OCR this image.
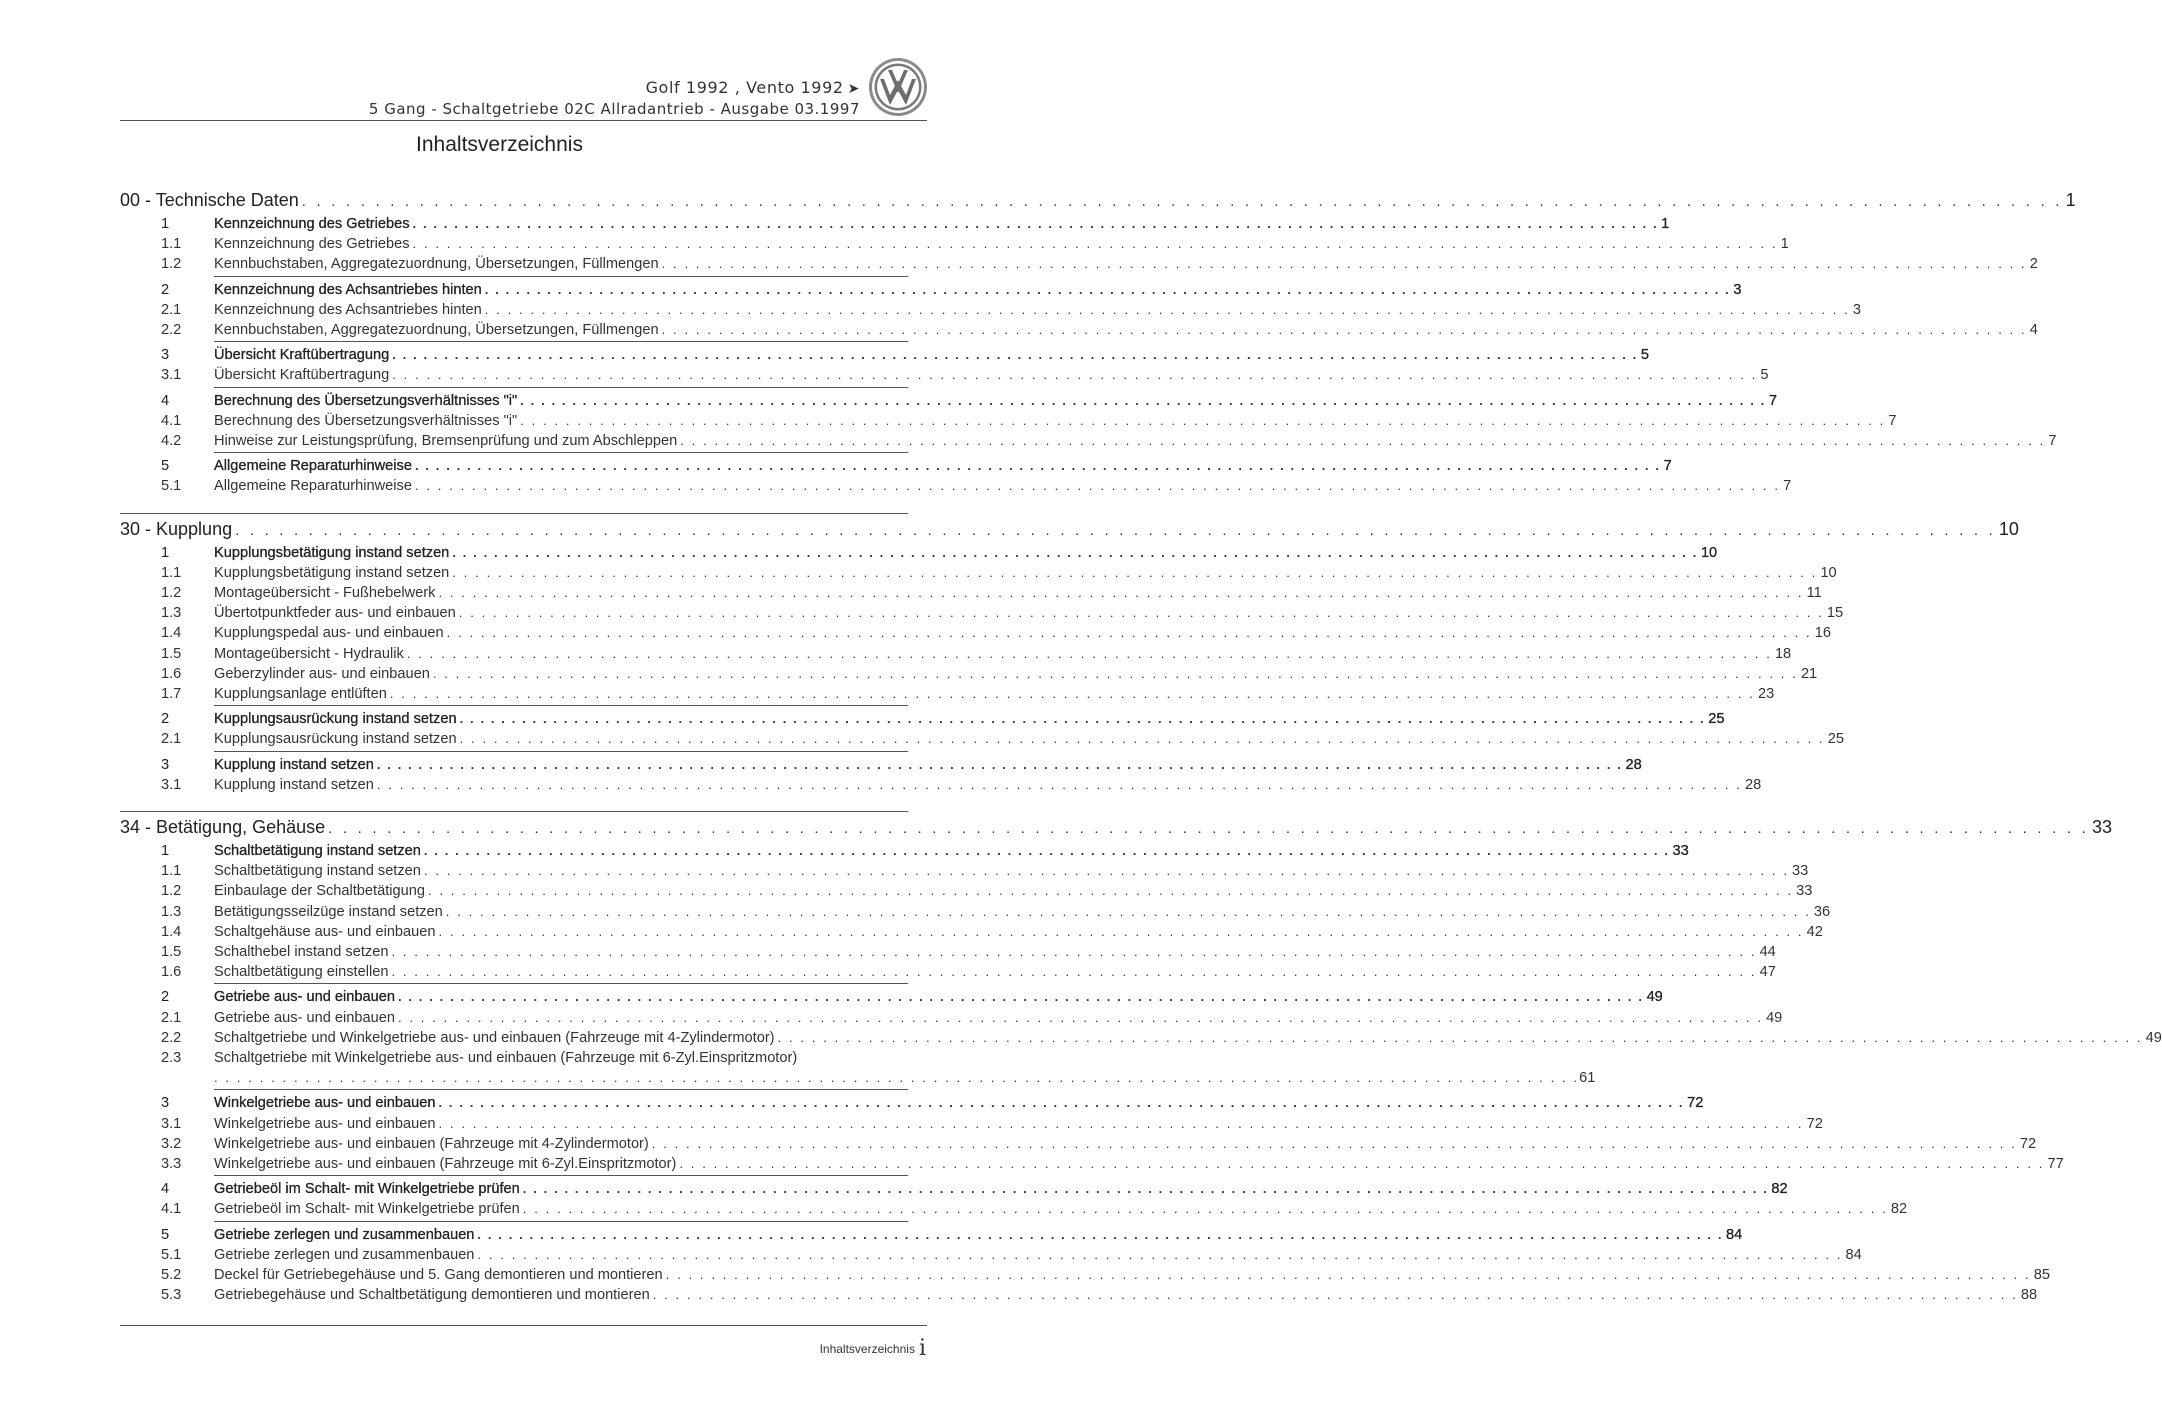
Golf 1992 , Vento 1992 ➤
5 Gang - Schaltgetriebe 02C Allradantrieb - Ausgabe 03.1997
Inhaltsverzeichnis
00 - Technische Daten . . . . . . . . . . . . . . . . . . . . . . . . . . . . . . . . . . . . . . . . . . . . . . . . . . . . . . . . . . . . . . . . . . . . . . . . . . . . . . . . . . . . . . . . . . . . . . . . . . . . . . . . . . . . . . . . . . . . . . . . 1
1	Kennzeichnung des Getriebes . . . . . . . . . . . . . . . . . . . . . . . . . . . . . . . . . . . . . . . . . . . . . . . . . . . . . . . . . . . . . . . . . . . . . . . . . . . . . . . . . . . . . . . . . . . . . . . . . . . . . . . . . . . . . . . . . . . . . . . . 1
1.1 Kennzeichnung des Getriebes . . . . . . . . . . . . . . . . . . . . . . . . . . . . . . . . . . . . . . . . . . . . . . . . . . . . . . . . . . . . . . . . . . . . . . . . . . . . . . . . . . . . . . . . . . . . . . . . . . . . . . . . . . . . . . . . . . . . . . . . 1
1.2 Kennbuchstaben, Aggregatezuordnung, Übersetzungen, Füllmengen . . . . . . . . . . . . . . . . . . . . . . . . . . . . . . . . . . . . . . . . . . . . . . . . . . . . . . . . . . . . . . . . . . . . . . . . . . . . . . . . . . . . . . . . . . . . . . . . . . . . . . . . . . . . . . . . . . . . . . . . 2
2	Kennzeichnung des Achsantriebes hinten . . . . . . . . . . . . . . . . . . . . . . . . . . . . . . . . . . . . . . . . . . . . . . . . . . . . . . . . . . . . . . . . . . . . . . . . . . . . . . . . . . . . . . . . . . . . . . . . . . . . . . . . . . . . . . . . . . . . . . . . 3
2.1 Kennzeichnung des Achsantriebes hinten . . . . . . . . . . . . . . . . . . . . . . . . . . . . . . . . . . . . . . . . . . . . . . . . . . . . . . . . . . . . . . . . . . . . . . . . . . . . . . . . . . . . . . . . . . . . . . . . . . . . . . . . . . . . . . . . . . . . . . . . 3
2.2 Kennbuchstaben, Aggregatezuordnung, Übersetzungen, Füllmengen . . . . . . . . . . . . . . . . . . . . . . . . . . . . . . . . . . . . . . . . . . . . . . . . . . . . . . . . . . . . . . . . . . . . . . . . . . . . . . . . . . . . . . . . . . . . . . . . . . . . . . . . . . . . . . . . . . . . . . . . 4
3	Übersicht Kraftübertragung . . . . . . . . . . . . . . . . . . . . . . . . . . . . . . . . . . . . . . . . . . . . . . . . . . . . . . . . . . . . . . . . . . . . . . . . . . . . . . . . . . . . . . . . . . . . . . . . . . . . . . . . . . . . . . . . . . . . . . . . 5
3.1 Übersicht Kraftübertragung . . . . . . . . . . . . . . . . . . . . . . . . . . . . . . . . . . . . . . . . . . . . . . . . . . . . . . . . . . . . . . . . . . . . . . . . . . . . . . . . . . . . . . . . . . . . . . . . . . . . . . . . . . . . . . . . . . . . . . . . 5
4	Berechnung des Übersetzungsverhältnisses "i" . . . . . . . . . . . . . . . . . . . . . . . . . . . . . . . . . . . . . . . . . . . . . . . . . . . . . . . . . . . . . . . . . . . . . . . . . . . . . . . . . . . . . . . . . . . . . . . . . . . . . . . . . . . . . . . . . . . . . . . . 7
4.1 Berechnung des Übersetzungsverhältnisses "i" . . . . . . . . . . . . . . . . . . . . . . . . . . . . . . . . . . . . . . . . . . . . . . . . . . . . . . . . . . . . . . . . . . . . . . . . . . . . . . . . . . . . . . . . . . . . . . . . . . . . . . . . . . . . . . . . . . . . . . . . 7
4.2 Hinweise zur Leistungsprüfung, Bremsenprüfung und zum Abschleppen . . . . . . . . . . . . . . . . . . . . . . . . . . . . . . . . . . . . . . . . . . . . . . . . . . . . . . . . . . . . . . . . . . . . . . . . . . . . . . . . . . . . . . . . . . . . . . . . . . . . . . . . . . . . . . . . . . . . . . . . 7
5	Allgemeine Reparaturhinweise . . . . . . . . . . . . . . . . . . . . . . . . . . . . . . . . . . . . . . . . . . . . . . . . . . . . . . . . . . . . . . . . . . . . . . . . . . . . . . . . . . . . . . . . . . . . . . . . . . . . . . . . . . . . . . . . . . . . . . . . 7
5.1 Allgemeine Reparaturhinweise . . . . . . . . . . . . . . . . . . . . . . . . . . . . . . . . . . . . . . . . . . . . . . . . . . . . . . . . . . . . . . . . . . . . . . . . . . . . . . . . . . . . . . . . . . . . . . . . . . . . . . . . . . . . . . . . . . . . . . . . 7
30 - Kupplung . . . . . . . . . . . . . . . . . . . . . . . . . . . . . . . . . . . . . . . . . . . . . . . . . . . . . . . . . . . . . . . . . . . . . . . . . . . . . . . . . . . . . . . . . . . . . . . . . . . . . . . . . . . . . . . . . . . . . . . . 10
1	Kupplungsbetätigung instand setzen . . . . . . . . . . . . . . . . . . . . . . . . . . . . . . . . . . . . . . . . . . . . . . . . . . . . . . . . . . . . . . . . . . . . . . . . . . . . . . . . . . . . . . . . . . . . . . . . . . . . . . . . . . . . . . . . . . . . . . . . 10
1.1 Kupplungsbetätigung instand setzen . . . . . . . . . . . . . . . . . . . . . . . . . . . . . . . . . . . . . . . . . . . . . . . . . . . . . . . . . . . . . . . . . . . . . . . . . . . . . . . . . . . . . . . . . . . . . . . . . . . . . . . . . . . . . . . . . . . . . . . . 10
1.2 Montageübersicht - Fußhebelwerk . . . . . . . . . . . . . . . . . . . . . . . . . . . . . . . . . . . . . . . . . . . . . . . . . . . . . . . . . . . . . . . . . . . . . . . . . . . . . . . . . . . . . . . . . . . . . . . . . . . . . . . . . . . . . . . . . . . . . . . . 11
1.3 Übertotpunktfeder aus- und einbauen . . . . . . . . . . . . . . . . . . . . . . . . . . . . . . . . . . . . . . . . . . . . . . . . . . . . . . . . . . . . . . . . . . . . . . . . . . . . . . . . . . . . . . . . . . . . . . . . . . . . . . . . . . . . . . . . . . . . . . . . 15
1.4 Kupplungspedal aus- und einbauen . . . . . . . . . . . . . . . . . . . . . . . . . . . . . . . . . . . . . . . . . . . . . . . . . . . . . . . . . . . . . . . . . . . . . . . . . . . . . . . . . . . . . . . . . . . . . . . . . . . . . . . . . . . . . . . . . . . . . . . . 16
1.5 Montageübersicht - Hydraulik . . . . . . . . . . . . . . . . . . . . . . . . . . . . . . . . . . . . . . . . . . . . . . . . . . . . . . . . . . . . . . . . . . . . . . . . . . . . . . . . . . . . . . . . . . . . . . . . . . . . . . . . . . . . . . . . . . . . . . . . 18
1.6 Geberzylinder aus- und einbauen . . . . . . . . . . . . . . . . . . . . . . . . . . . . . . . . . . . . . . . . . . . . . . . . . . . . . . . . . . . . . . . . . . . . . . . . . . . . . . . . . . . . . . . . . . . . . . . . . . . . . . . . . . . . . . . . . . . . . . . . 21
1.7 Kupplungsanlage entlüften . . . . . . . . . . . . . . . . . . . . . . . . . . . . . . . . . . . . . . . . . . . . . . . . . . . . . . . . . . . . . . . . . . . . . . . . . . . . . . . . . . . . . . . . . . . . . . . . . . . . . . . . . . . . . . . . . . . . . . . . 23
2	Kupplungsausrückung instand setzen . . . . . . . . . . . . . . . . . . . . . . . . . . . . . . . . . . . . . . . . . . . . . . . . . . . . . . . . . . . . . . . . . . . . . . . . . . . . . . . . . . . . . . . . . . . . . . . . . . . . . . . . . . . . . . . . . . . . . . . . 25
2.1 Kupplungsausrückung instand setzen . . . . . . . . . . . . . . . . . . . . . . . . . . . . . . . . . . . . . . . . . . . . . . . . . . . . . . . . . . . . . . . . . . . . . . . . . . . . . . . . . . . . . . . . . . . . . . . . . . . . . . . . . . . . . . . . . . . . . . . . 25
3	Kupplung instand setzen . . . . . . . . . . . . . . . . . . . . . . . . . . . . . . . . . . . . . . . . . . . . . . . . . . . . . . . . . . . . . . . . . . . . . . . . . . . . . . . . . . . . . . . . . . . . . . . . . . . . . . . . . . . . . . . . . . . . . . . . 28
3.1 Kupplung instand setzen . . . . . . . . . . . . . . . . . . . . . . . . . . . . . . . . . . . . . . . . . . . . . . . . . . . . . . . . . . . . . . . . . . . . . . . . . . . . . . . . . . . . . . . . . . . . . . . . . . . . . . . . . . . . . . . . . . . . . . . . 28
34 - Betätigung, Gehäuse . . . . . . . . . . . . . . . . . . . . . . . . . . . . . . . . . . . . . . . . . . . . . . . . . . . . . . . . . . . . . . . . . . . . . . . . . . . . . . . . . . . . . . . . . . . . . . . . . . . . . . . . . . . . . . . . . . . . . . . . 33
1	Schaltbetätigung instand setzen . . . . . . . . . . . . . . . . . . . . . . . . . . . . . . . . . . . . . . . . . . . . . . . . . . . . . . . . . . . . . . . . . . . . . . . . . . . . . . . . . . . . . . . . . . . . . . . . . . . . . . . . . . . . . . . . . . . . . . . . 33
1.1 Schaltbetätigung instand setzen . . . . . . . . . . . . . . . . . . . . . . . . . . . . . . . . . . . . . . . . . . . . . . . . . . . . . . . . . . . . . . . . . . . . . . . . . . . . . . . . . . . . . . . . . . . . . . . . . . . . . . . . . . . . . . . . . . . . . . . . 33
1.2 Einbaulage der Schaltbetätigung . . . . . . . . . . . . . . . . . . . . . . . . . . . . . . . . . . . . . . . . . . . . . . . . . . . . . . . . . . . . . . . . . . . . . . . . . . . . . . . . . . . . . . . . . . . . . . . . . . . . . . . . . . . . . . . . . . . . . . . . 33
1.3 Betätigungsseilzüge instand setzen . . . . . . . . . . . . . . . . . . . . . . . . . . . . . . . . . . . . . . . . . . . . . . . . . . . . . . . . . . . . . . . . . . . . . . . . . . . . . . . . . . . . . . . . . . . . . . . . . . . . . . . . . . . . . . . . . . . . . . . . 36
1.4 Schaltgehäuse aus- und einbauen . . . . . . . . . . . . . . . . . . . . . . . . . . . . . . . . . . . . . . . . . . . . . . . . . . . . . . . . . . . . . . . . . . . . . . . . . . . . . . . . . . . . . . . . . . . . . . . . . . . . . . . . . . . . . . . . . . . . . . . . 42
1.5 Schalthebel instand setzen . . . . . . . . . . . . . . . . . . . . . . . . . . . . . . . . . . . . . . . . . . . . . . . . . . . . . . . . . . . . . . . . . . . . . . . . . . . . . . . . . . . . . . . . . . . . . . . . . . . . . . . . . . . . . . . . . . . . . . . . 44
1.6 Schaltbetätigung einstellen . . . . . . . . . . . . . . . . . . . . . . . . . . . . . . . . . . . . . . . . . . . . . . . . . . . . . . . . . . . . . . . . . . . . . . . . . . . . . . . . . . . . . . . . . . . . . . . . . . . . . . . . . . . . . . . . . . . . . . . . 47
2	Getriebe aus- und einbauen . . . . . . . . . . . . . . . . . . . . . . . . . . . . . . . . . . . . . . . . . . . . . . . . . . . . . . . . . . . . . . . . . . . . . . . . . . . . . . . . . . . . . . . . . . . . . . . . . . . . . . . . . . . . . . . . . . . . . . . . 49
2.1 Getriebe aus- und einbauen . . . . . . . . . . . . . . . . . . . . . . . . . . . . . . . . . . . . . . . . . . . . . . . . . . . . . . . . . . . . . . . . . . . . . . . . . . . . . . . . . . . . . . . . . . . . . . . . . . . . . . . . . . . . . . . . . . . . . . . . 49
2.2 Schaltgetriebe und Winkelgetriebe aus- und einbauen (Fahrzeuge mit 4-Zylindermotor) . . . . . . . . . . . . . . . . . . . . . . . . . . . . . . . . . . . . . . . . . . . . . . . . . . . . . . . . . . . . . . . . . . . . . . . . . . . . . . . . . . . . . . . . . . . . . . . . . . . . . . . . . . . . . . . . . . . . . . . . 49
2.3 Schaltgetriebe mit Winkelgetriebe aus- und einbauen (Fahrzeuge mit 6-Zyl.Einspritzmotor)
. . . . . . . . . . . . . . . . . . . . . . . . . . . . . . . . . . . . . . . . . . . . . . . . . . . . . . . . . . . . . . . . . . . . . . . . . . . . . . . . . . . . . . . . . . . . . . . . . . . . . . . . . . . . . . . . . . . . . . . . 61
3	Winkelgetriebe aus- und einbauen . . . . . . . . . . . . . . . . . . . . . . . . . . . . . . . . . . . . . . . . . . . . . . . . . . . . . . . . . . . . . . . . . . . . . . . . . . . . . . . . . . . . . . . . . . . . . . . . . . . . . . . . . . . . . . . . . . . . . . . . 72
3.1 Winkelgetriebe aus- und einbauen . . . . . . . . . . . . . . . . . . . . . . . . . . . . . . . . . . . . . . . . . . . . . . . . . . . . . . . . . . . . . . . . . . . . . . . . . . . . . . . . . . . . . . . . . . . . . . . . . . . . . . . . . . . . . . . . . . . . . . . . 72
3.2 Winkelgetriebe aus- und einbauen (Fahrzeuge mit 4-Zylindermotor) . . . . . . . . . . . . . . . . . . . . . . . . . . . . . . . . . . . . . . . . . . . . . . . . . . . . . . . . . . . . . . . . . . . . . . . . . . . . . . . . . . . . . . . . . . . . . . . . . . . . . . . . . . . . . . . . . . . . . . . . 72
3.3 Winkelgetriebe aus- und einbauen (Fahrzeuge mit 6-Zyl.Einspritzmotor) . . . . . . . . . . . . . . . . . . . . . . . . . . . . . . . . . . . . . . . . . . . . . . . . . . . . . . . . . . . . . . . . . . . . . . . . . . . . . . . . . . . . . . . . . . . . . . . . . . . . . . . . . . . . . . . . . . . . . . . . 77
4	Getriebeöl im Schalt- mit Winkelgetriebe prüfen . . . . . . . . . . . . . . . . . . . . . . . . . . . . . . . . . . . . . . . . . . . . . . . . . . . . . . . . . . . . . . . . . . . . . . . . . . . . . . . . . . . . . . . . . . . . . . . . . . . . . . . . . . . . . . . . . . . . . . . . 82
4.1 Getriebeöl im Schalt- mit Winkelgetriebe prüfen . . . . . . . . . . . . . . . . . . . . . . . . . . . . . . . . . . . . . . . . . . . . . . . . . . . . . . . . . . . . . . . . . . . . . . . . . . . . . . . . . . . . . . . . . . . . . . . . . . . . . . . . . . . . . . . . . . . . . . . . 82
5	Getriebe zerlegen und zusammenbauen . . . . . . . . . . . . . . . . . . . . . . . . . . . . . . . . . . . . . . . . . . . . . . . . . . . . . . . . . . . . . . . . . . . . . . . . . . . . . . . . . . . . . . . . . . . . . . . . . . . . . . . . . . . . . . . . . . . . . . . . 84
5.1 Getriebe zerlegen und zusammenbauen . . . . . . . . . . . . . . . . . . . . . . . . . . . . . . . . . . . . . . . . . . . . . . . . . . . . . . . . . . . . . . . . . . . . . . . . . . . . . . . . . . . . . . . . . . . . . . . . . . . . . . . . . . . . . . . . . . . . . . . . 84
5.2 Deckel für Getriebegehäuse und 5. Gang demontieren und montieren . . . . . . . . . . . . . . . . . . . . . . . . . . . . . . . . . . . . . . . . . . . . . . . . . . . . . . . . . . . . . . . . . . . . . . . . . . . . . . . . . . . . . . . . . . . . . . . . . . . . . . . . . . . . . . . . . . . . . . . . 85
5.3 Getriebegehäuse und Schaltbetätigung demontieren und montieren . . . . . . . . . . . . . . . . . . . . . . . . . . . . . . . . . . . . . . . . . . . . . . . . . . . . . . . . . . . . . . . . . . . . . . . . . . . . . . . . . . . . . . . . . . . . . . . . . . . . . . . . . . . . . . . . . . . . . . . . 88
Inhaltsverzeichnis i
